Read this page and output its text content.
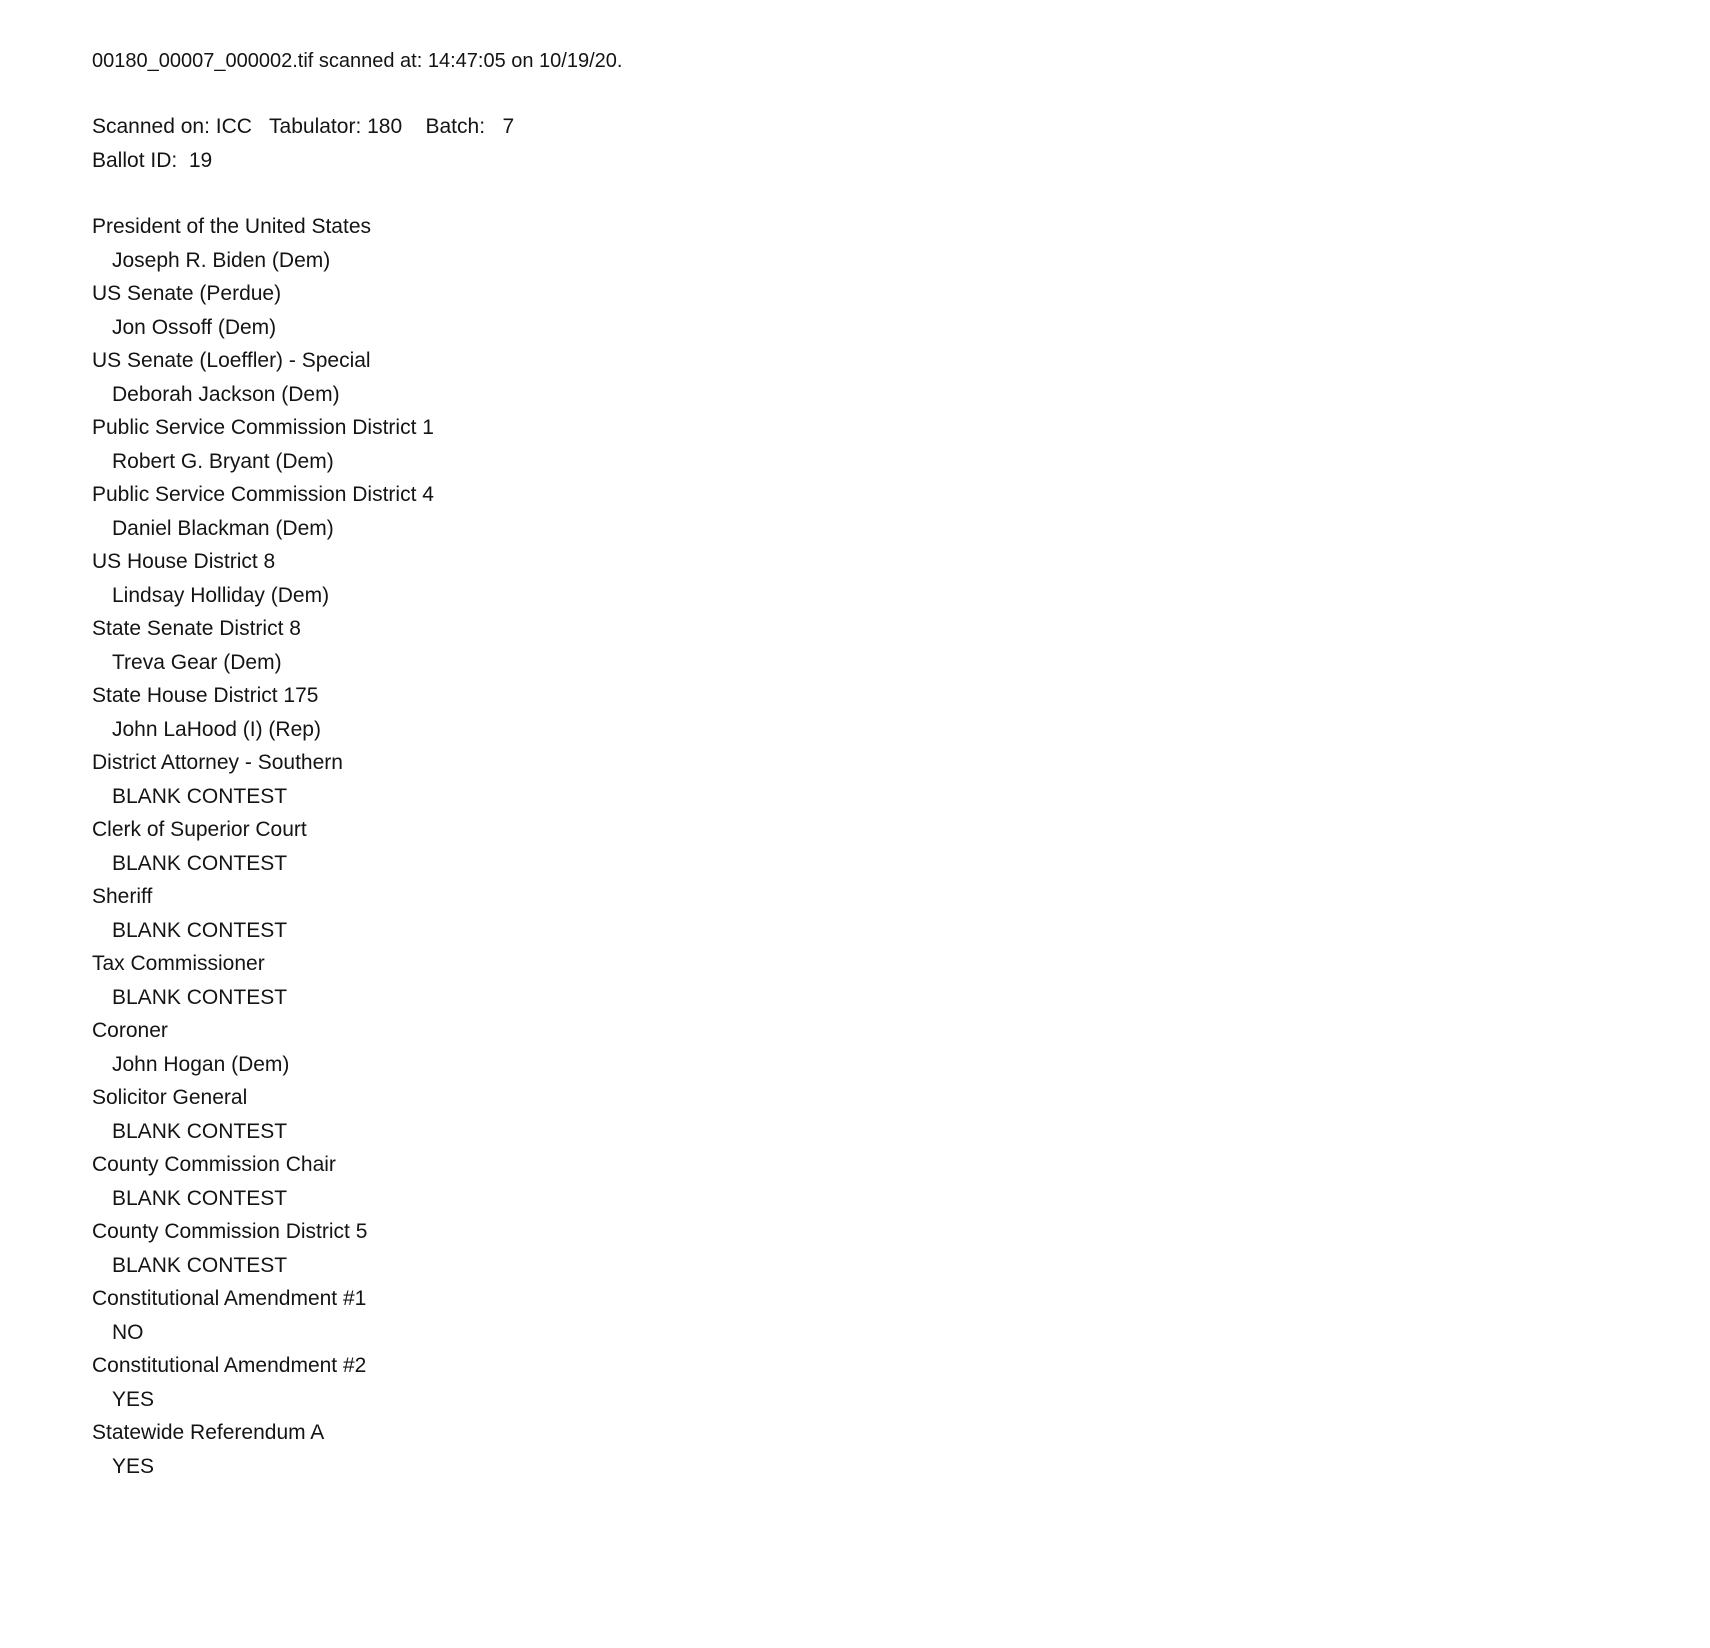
00180_00007_000002.tif scanned at: 14:47:05 on 10/19/20.
Scanned on: ICC   Tabulator: 180    Batch:   7
Ballot ID:  19
President of the United States
Joseph R. Biden (Dem)
US Senate (Perdue)
Jon Ossoff (Dem)
US Senate (Loeffler) - Special
Deborah Jackson (Dem)
Public Service Commission District 1
Robert G. Bryant (Dem)
Public Service Commission District 4
Daniel Blackman (Dem)
US House District 8
Lindsay Holliday (Dem)
State Senate District 8
Treva Gear (Dem)
State House District 175
John LaHood (I) (Rep)
District Attorney - Southern
BLANK CONTEST
Clerk of Superior Court
BLANK CONTEST
Sheriff
BLANK CONTEST
Tax Commissioner
BLANK CONTEST
Coroner
John Hogan (Dem)
Solicitor General
BLANK CONTEST
County Commission Chair
BLANK CONTEST
County Commission District 5
BLANK CONTEST
Constitutional Amendment #1
NO
Constitutional Amendment #2
YES
Statewide Referendum A
YES
